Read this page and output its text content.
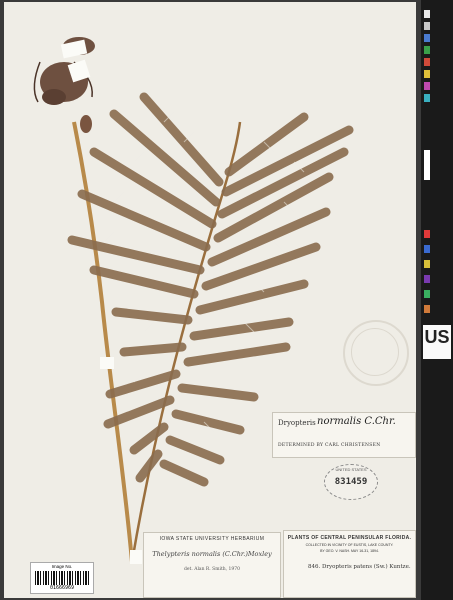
Dryopteris normalis C.Chr.
DETERMINED BY CARL CHRISTENSEN
UNITED STATES
831459
IOWA STATE UNIVERSITY HERBARIUM
Thelypteris normalis (C.Chr.)Moxley
det. Alan R. Smith, 1970
PLANTS OF CENTRAL PENINSULAR FLORIDA.
COLLECTED IN VICINITY OF EUSTIS, LAKE COUNTY.
BY GEO. V. NASH. MAY 16-31, 1894.
846. Dryopteris patens (Sw.) Kuntze.
Image No.
01666969
US
